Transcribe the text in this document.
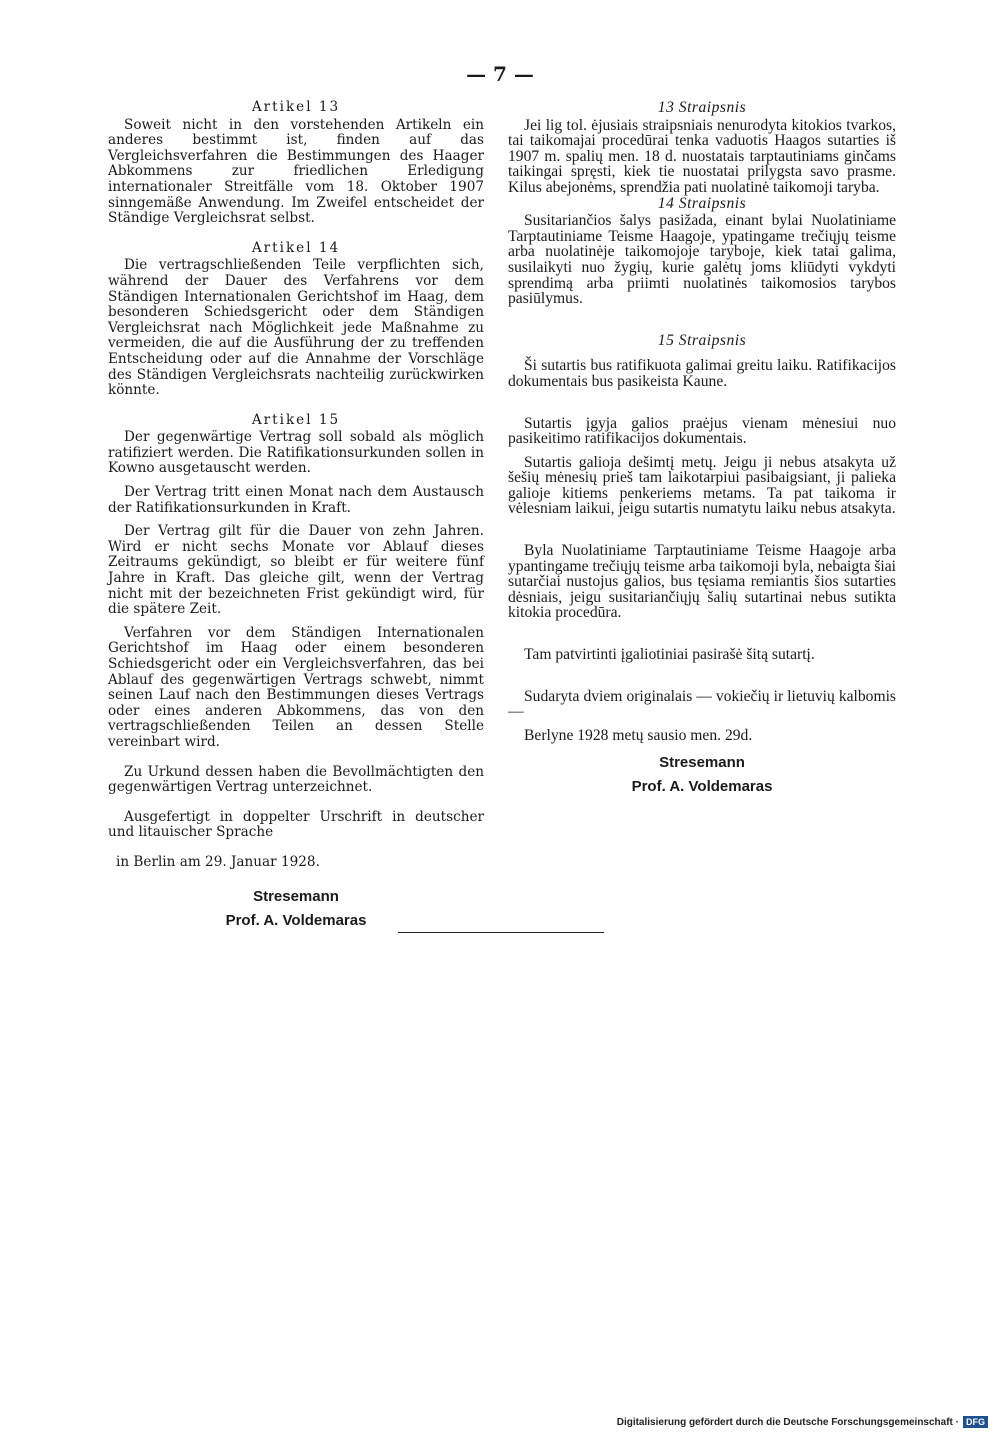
— 7 —
Artikel 13

Soweit nicht in den vorstehenden Artikeln ein anderes bestimmt ist, finden auf das Vergleichsverfahren die Bestimmungen des Haager Abkommens zur friedlichen Erledigung internationaler Streitfälle vom 18. Oktober 1907 sinngemäße Anwendung. Im Zweifel entscheidet der Ständige Vergleichsrat selbst.

Artikel 14

Die vertragschließenden Teile verpflichten sich, während der Dauer des Verfahrens vor dem Ständigen Internationalen Gerichtshof im Haag, dem besonderen Schiedsgericht oder dem Ständigen Vergleichsrat nach Möglichkeit jede Maßnahme zu vermeiden, die auf die Ausführung der zu treffenden Entscheidung oder auf die Annahme der Vorschläge des Ständigen Vergleichsrats nachteilig zurückwirken könnte.

Artikel 15

Der gegenwärtige Vertrag soll sobald als möglich ratifiziert werden. Die Ratifikationsurkunden sollen in Kowno ausgetauscht werden.

Der Vertrag tritt einen Monat nach dem Austausch der Ratifikationsurkunden in Kraft.

Der Vertrag gilt für die Dauer von zehn Jahren. Wird er nicht sechs Monate vor Ablauf dieses Zeitraums gekündigt, so bleibt er für weitere fünf Jahre in Kraft. Das gleiche gilt, wenn der Vertrag nicht mit der bezeichneten Frist gekündigt wird, für die spätere Zeit.

Verfahren vor dem Ständigen Internationalen Gerichtshof im Haag oder einem besonderen Schiedsgericht oder ein Vergleichsverfahren, das bei Ablauf des gegenwärtigen Vertrags schwebt, nimmt seinen Lauf nach den Bestimmungen dieses Vertrags oder eines anderen Abkommens, das von den vertragschließenden Teilen an dessen Stelle vereinbart wird.

Zu Urkund dessen haben die Bevollmächtigten den gegenwärtigen Vertrag unterzeichnet.

Ausgefertigt in doppelter Urschrift in deutscher und litauischer Sprache

in Berlin am 29. Januar 1928.

Stresemann
Prof. A. Voldemaras
13 Straipsnis

Jei lig tol. ėjusiais straipsniais nenurodyta kitokios tvarkos, tai taikomajai procedūrai tenka vaduotis Haagos sutarties iš 1907 m. spalių men. 18 d. nuostatais tarptautiniams ginčams taikingai spręsti, kiek tie nuostatai prilygsta savo prasme. Kilus abejonėms, sprendžia pati nuolatinė taikomoji taryba.

14 Straipsnis

Susitariančios šalys pasižada, einant bylai Nuolatiniame Tarptautiniame Teisme Haagoje, ypatingame trečiųjų teisme arba nuolatinėje taikomojoje taryboje, kiek tatai galima, susilaikyti nuo žygių, kurie galėtų joms kliūdyti vykdyti sprendimą arba priimti nuolatinės taikomosios tarybos pasiūlymus.

15 Straipsnis

Ši sutartis bus ratifikuota galimai greitu laiku. Ratifikacijos dokumentais bus pasikeista Kaune.

Sutartis įgyja galios praėjus vienam mėnesiui nuo pasikeitimo ratifikacijos dokumentais.

Sutartis galioja dešimtį metų. Jeigu ji nebus atsakyta už šešių mėnesių prieš tam laikotarpiui pasibaigsiant, ji palieka galioje kitiems penkeriems metams. Ta pat taikoma ir vėlesniam laikui, jeigu sutartis numatytu laiku nebus atsakyta.

Byla Nuolatiniame Tarptautiniame Teisme Haagoje arba ypantingame trečiųjų teisme arba taikomoji byla, nebaigta šiai sutarčiai nustojus galios, bus tęsiama remiantis šios sutarties dėsniais, jeigu susitariančiųjų šalių sutartinai nebus sutikta kitokia procedūra.

Tam patvirtinti įgaliotiniai pasirašė šitą sutartį.

Sudaryta dviem originalais — vokiečių ir lietuvių kalbomis —

Berlyne 1928 metų sausio men. 29d.

Stresemann
Prof. A. Voldemaras
Digitalisierung gefördert durch die Deutsche Forschungsgemeinschaft · DFG
